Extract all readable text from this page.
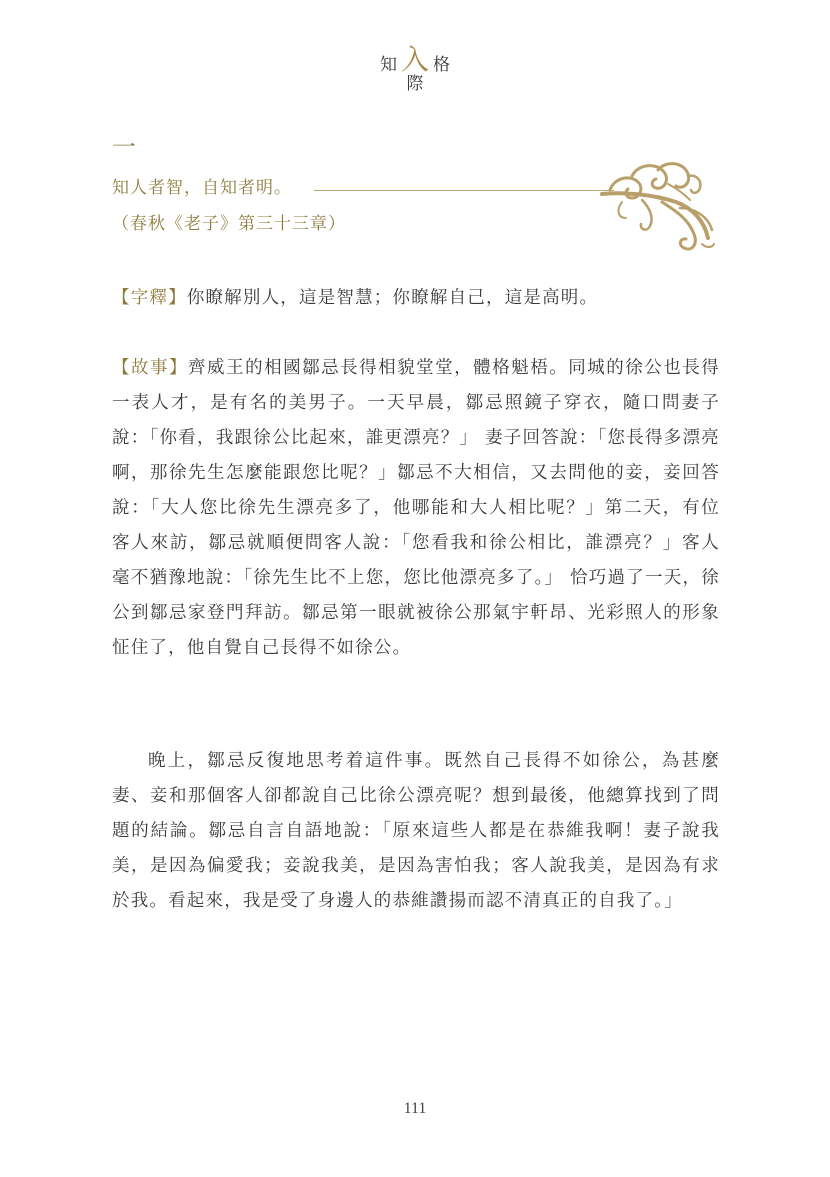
知 入 格
際
一
知人者智，自知者明。
（春秋《老子》第三十三章）
【字釋】你瞭解別人，這是智慧；你瞭解自己，這是高明。
【故事】齊威王的相國鄒忌長得相貌堂堂，體格魁梧。同城的徐公也長得一表人才，是有名的美男子。一天早晨，鄒忌照鏡子穿衣，隨口問妻子說：「你看，我跟徐公比起來，誰更漂亮？」 妻子回答說：「您長得多漂亮啊，那徐先生怎麼能跟您比呢？」鄒忌不大相信，又去問他的妾，妾回答說：「大人您比徐先生漂亮多了，他哪能和大人相比呢？」第二天，有位客人來訪，鄒忌就順便問客人說：「您看我和徐公相比，誰漂亮？」客人毫不猶豫地說：「徐先生比不上您，您比他漂亮多了。」 恰巧過了一天，徐公到鄒忌家登門拜訪。鄒忌第一眼就被徐公那氣宇軒昂、光彩照人的形象怔住了，他自覺自己長得不如徐公。
晚上，鄒忌反復地思考着這件事。既然自己長得不如徐公，為甚麼妻、妾和那個客人卻都說自己比徐公漂亮呢？想到最後，他總算找到了問題的結論。鄒忌自言自語地說：「原來這些人都是在恭維我啊！妻子說我美，是因為偏愛我；妾說我美，是因為害怕我；客人說我美，是因為有求於我。看起來，我是受了身邊人的恭維讚揚而認不清真正的自我了。」
111
